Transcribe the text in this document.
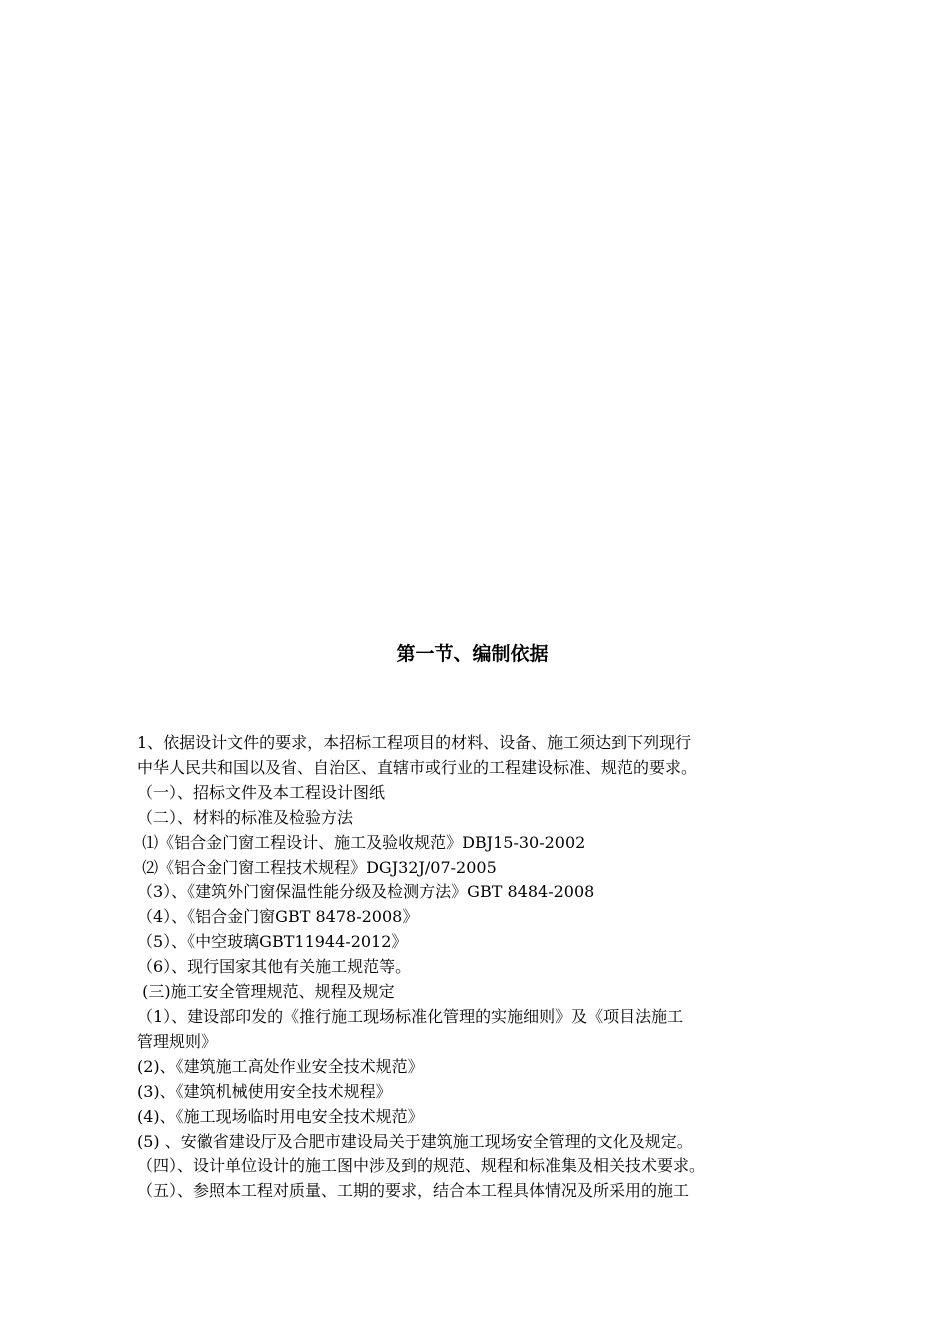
第一节、编制依据
1、依据设计文件的要求，本招标工程项目的材料、设备、施工须达到下列现行
中华人民共和国以及省、自治区、直辖市或行业的工程建设标准、规范的要求。
（一）、招标文件及本工程设计图纸
（二）、材料的标准及检验方法
⑴《铝合金门窗工程设计、施工及验收规范》DBJ15-30-2002
⑵《铝合金门窗工程技术规程》DGJ32J/07-2005
（3）、《建筑外门窗保温性能分级及检测方法》GBT 8484-2008
（4）、《铝合金门窗GBT 8478-2008》
（5）、《中空玻璃GBT11944-2012》
（6）、现行国家其他有关施工规范等。
(三)施工安全管理规范、规程及规定
（1）、建设部印发的《推行施工现场标准化管理的实施细则》及《项目法施工
管理规则》
(2)、《建筑施工高处作业安全技术规范》
(3)、《建筑机械使用安全技术规程》
(4)、《施工现场临时用电安全技术规范》
(5) 、安徽省建设厅及合肥市建设局关于建筑施工现场安全管理的文化及规定。
（四）、设计单位设计的施工图中涉及到的规范、规程和标准集及相关技术要求。
（五）、参照本工程对质量、工期的要求，结合本工程具体情况及所采用的施工
